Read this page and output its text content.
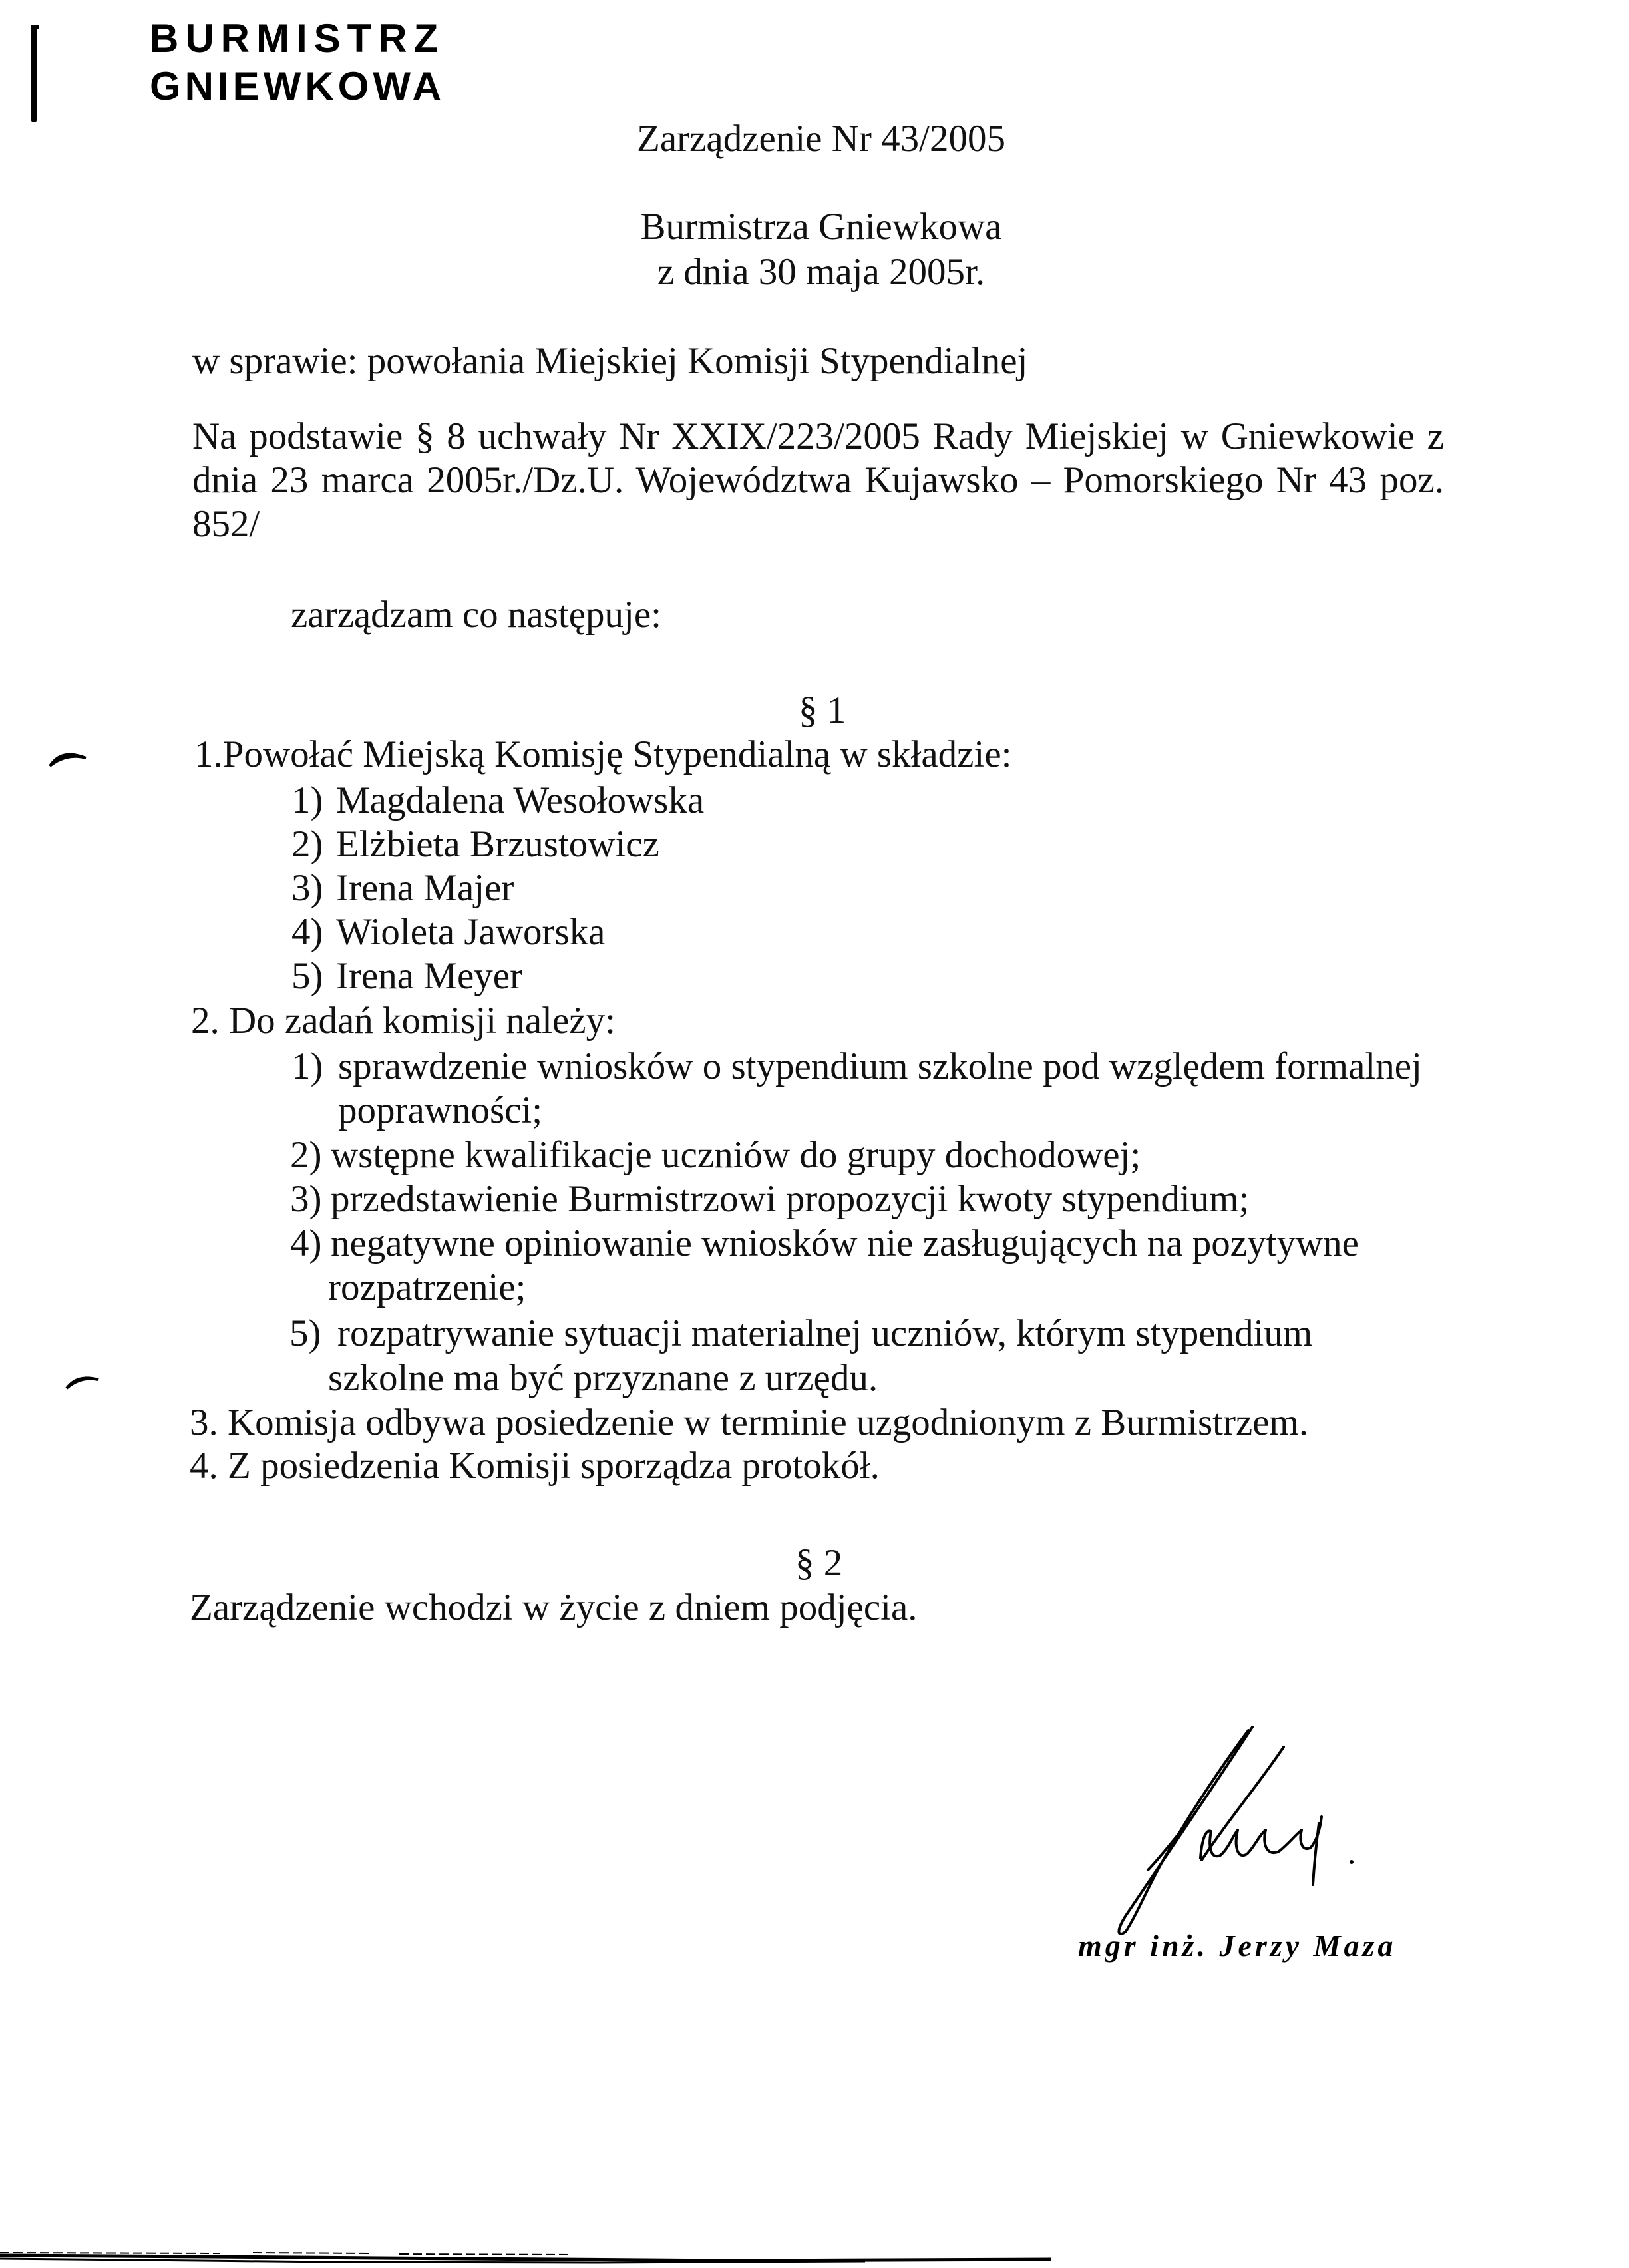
BURMISTRZ
GNIEWKOWA
Zarządzenie Nr 43/2005
Burmistrza Gniewkowa
z dnia 30 maja 2005r.
w sprawie: powołania Miejskiej Komisji Stypendialnej
Na podstawie § 8 uchwały Nr XXIX/223/2005 Rady Miejskiej w Gniewkowie z
dnia 23 marca 2005r./Dz.U. Województwa Kujawsko – Pomorskiego Nr 43 poz.
852/
zarządzam co następuje:
§ 1
1.Powołać Miejską Komisję Stypendialną w składzie:
1) Magdalena Wesołowska
2) Elżbieta Brzustowicz
3) Irena Majer
4) Wioleta Jaworska
5) Irena Meyer
2. Do zadań komisji należy:
1) sprawdzenie wniosków o stypendium szkolne pod względem formalnej
poprawności;
2) wstępne kwalifikacje uczniów do grupy dochodowej;
3) przedstawienie Burmistrzowi propozycji kwoty stypendium;
4) negatywne opiniowanie wniosków nie zasługujących na pozytywne
rozpatrzenie;
5) rozpatrywanie sytuacji materialnej uczniów, którym stypendium
szkolne ma być przyznane z urzędu.
3. Komisja odbywa posiedzenie w terminie uzgodnionym z Burmistrzem.
4. Z posiedzenia Komisji sporządza protokół.
§ 2
Zarządzenie wchodzi w życie z dniem podjęcia.
mgr inż. Jerzy Maza
